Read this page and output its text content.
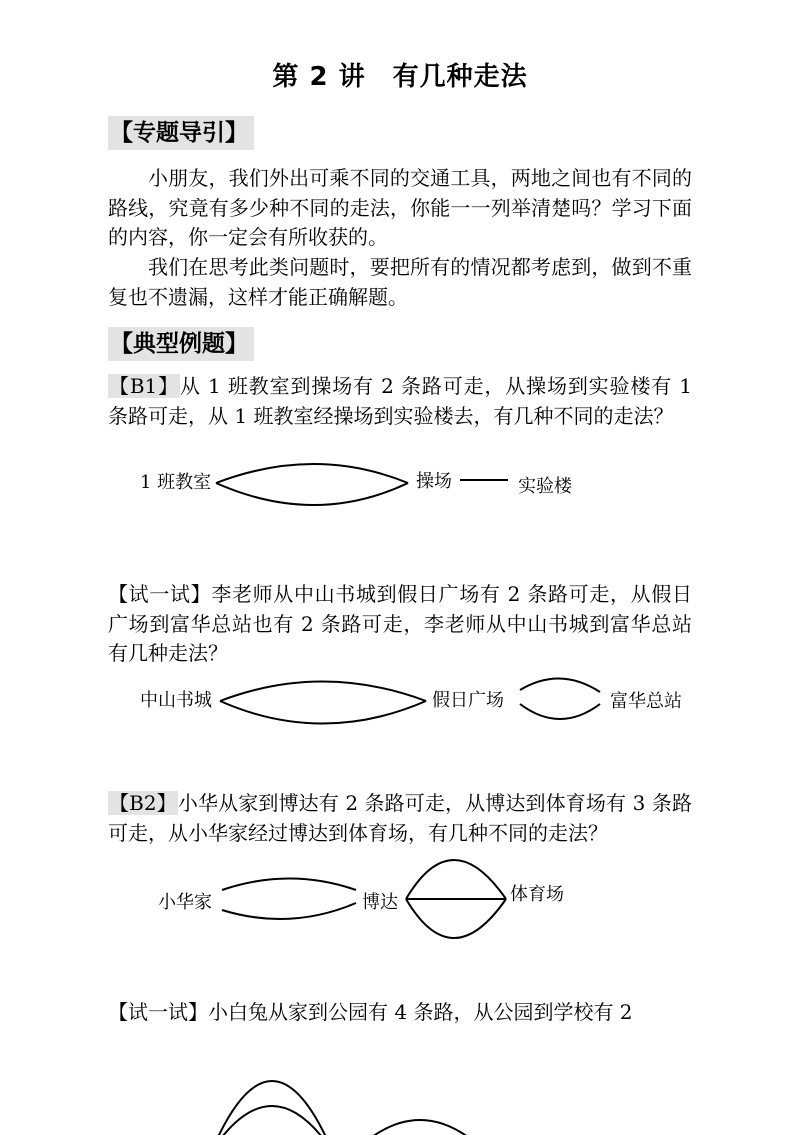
第 2 讲　有几种走法
【专题导引】
小朋友，我们外出可乘不同的交通工具，两地之间也有不同的路线，究竟有多少种不同的走法，你能一一列举清楚吗？学习下面的内容，你一定会有所收获的。
我们在思考此类问题时，要把所有的情况都考虑到，做到不重复也不遗漏，这样才能正确解题。
【典型例题】
【B1】从 1 班教室到操场有 2 条路可走，从操场到实验楼有 1 条路可走，从 1 班教室经操场到实验楼去，有几种不同的走法？
1 班教室	操场	实验楼
【试一试】李老师从中山书城到假日广场有 2 条路可走，从假日广场到富华总站也有 2 条路可走，李老师从中山书城到富华总站有几种走法？
中山书城	假日广场	富华总站
【B2】小华从家到博达有 2 条路可走，从博达到体育场有 3 条路可走，从小华家经过博达到体育场，有几种不同的走法？
小华家	博达	体育场
【试一试】小白兔从家到公园有 4 条路，从公园到学校有 2
